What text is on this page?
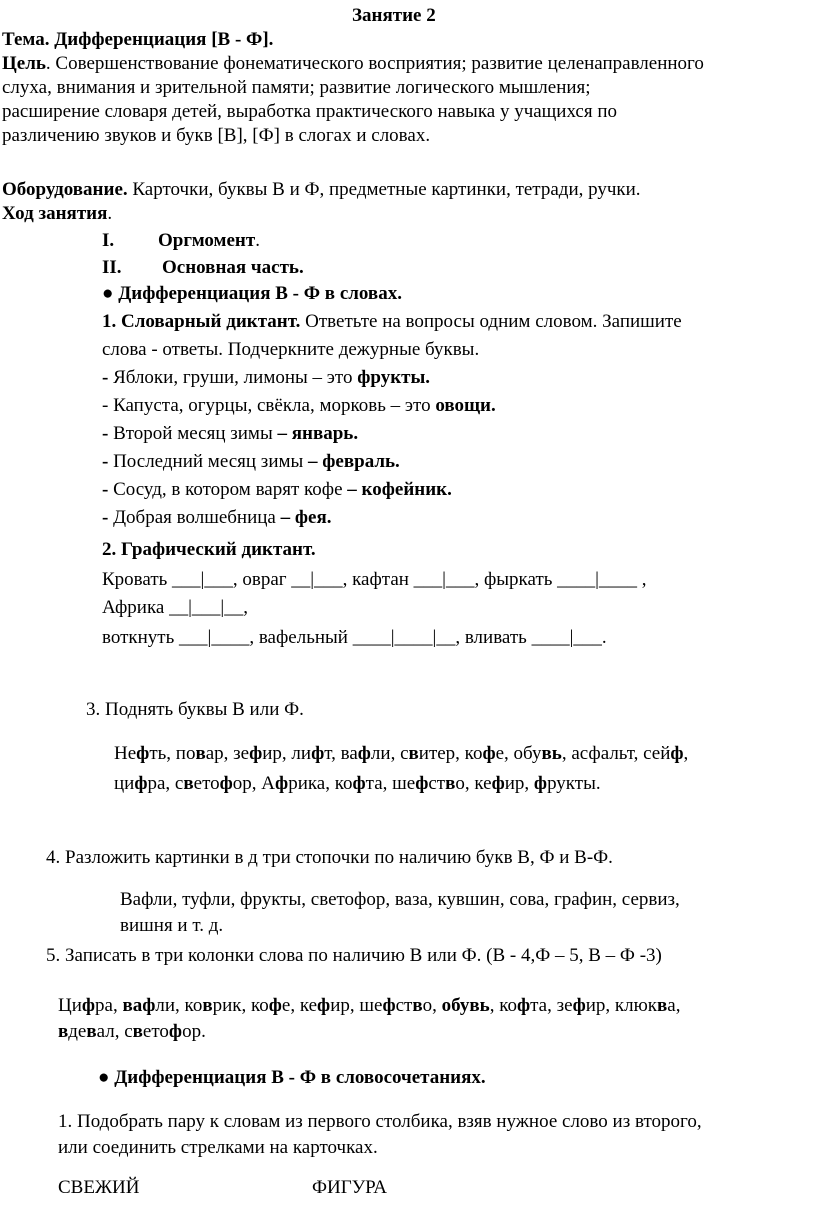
Занятие 2
Тема. Дифференциация [В - Ф].
Цель. Совершенствование фонематического восприятия; развитие целенаправленного
слуха, внимания и зрительной памяти; развитие логического мышления;
расширение словаря детей, выработка практического навыка у учащихся по
различению звуков и букв [В], [Ф] в слогах и словах.
Оборудование. Карточки, буквы В и Ф, предметные картинки, тетради, ручки.
Ход занятия.
I. Оргмомент.
II. Основная часть.
● Дифференциация В - Ф в словах.
1. Словарный диктант. Ответьте на вопросы одним словом. Запишите
слова - ответы. Подчеркните дежурные буквы.
- Яблоки, груши, лимоны – это фрукты.
- Капуста, огурцы, свёкла, морковь – это овощи.
- Второй месяц зимы – январь.
- Последний месяц зимы – февраль.
- Сосуд, в котором варят кофе – кофейник.
- Добрая волшебница – фея.
2. Графический диктант.
Кровать ___|___, овраг __|___, кафтан ___|___, фыркать ____|____ ,
Африка __|___|__,
воткнуть ___|____, вафельный ____|____|__, вливать ____|___.
3. Поднять буквы В или Ф.
Нефть, повар, зефир, лифт, вафли, свитер, кофе, обувь, асфальт, сейф,
цифра, светофор, Африка, кофта, шефство, кефир, фрукты.
4. Разложить картинки в д три стопочки по наличию букв В, Ф и В-Ф.
Вафли, туфли, фрукты, светофор, ваза, кувшин, сова, графин, сервиз,
вишня и т. д.
5. Записать в три колонки слова по наличию В или Ф. (В - 4,Ф – 5, В – Ф -3)
Цифра, вафли, коврик, кофе, кефир, шефство, обувь, кофта, зефир, клюква,
вдевал, светофор.
● Дифференциация В - Ф в словосочетаниях.
1. Подобрать пару к словам из первого столбика, взяв нужное слово из второго,
или соединить стрелками на карточках.
СВЕЖИЙ	ФИГУРА
